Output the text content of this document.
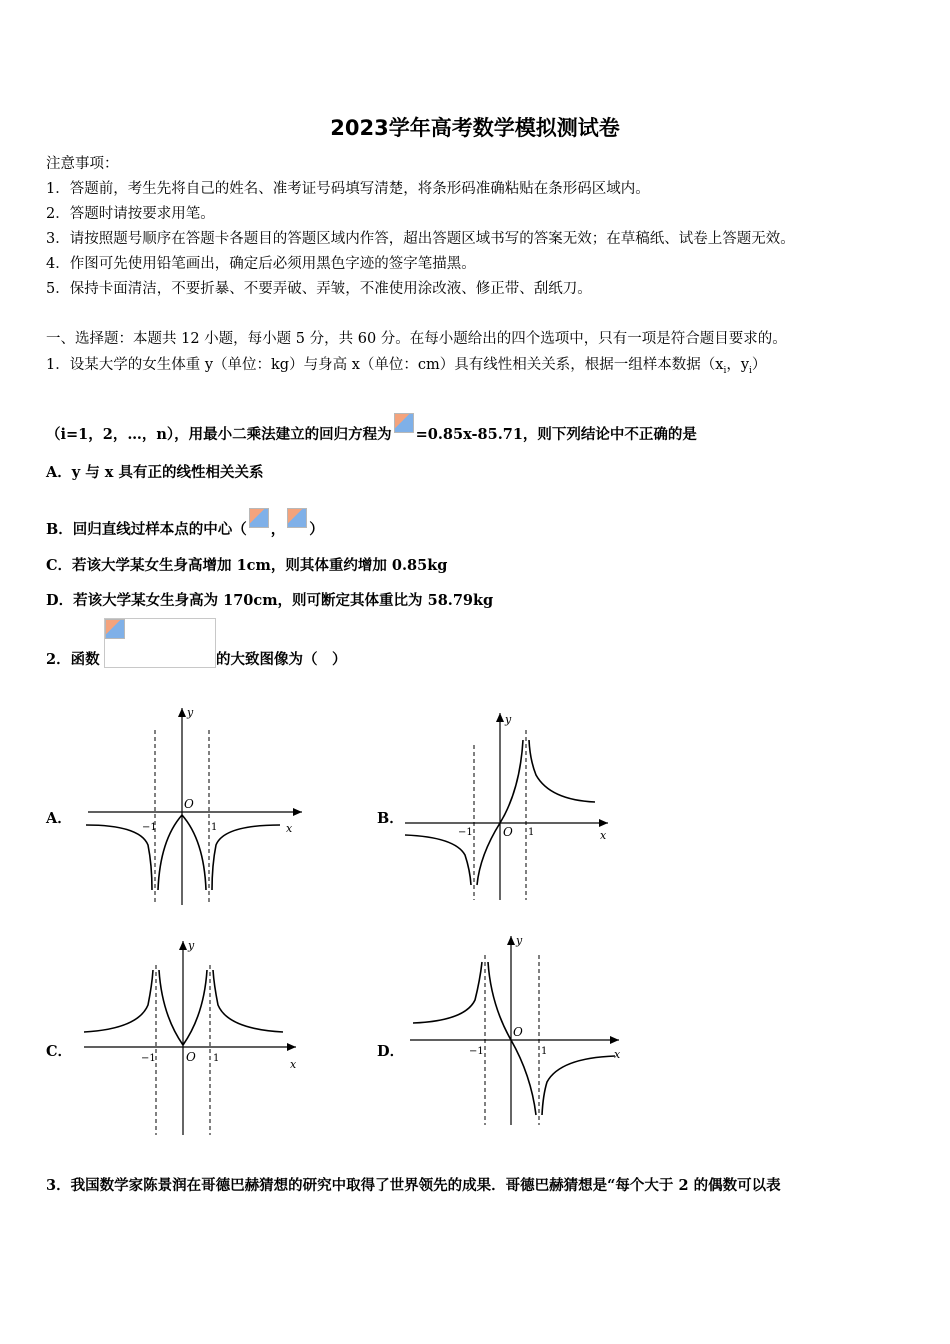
2023学年高考数学模拟测试卷
注意事项：
1．答题前，考生先将自己的姓名、准考证号码填写清楚，将条形码准确粘贴在条形码区域内。
2．答题时请按要求用笔。
3．请按照题号顺序在答题卡各题目的答题区域内作答，超出答题区域书写的答案无效；在草稿纸、试卷上答题无效。
4．作图可先使用铅笔画出，确定后必须用黑色字迹的签字笔描黑。
5．保持卡面清洁，不要折暴、不要弄破、弄皱，不准使用涂改液、修正带、刮纸刀。
一、选择题：本题共 12 小题，每小题 5 分，共 60 分。在每小题给出的四个选项中，只有一项是符合题目要求的。
1．设某大学的女生体重 y（单位：kg）与身高 x（单位：cm）具有线性相关关系，根据一组样本数据（$x_i$，$y_i$）
（i=1，2，…，n），用最小二乘法建立的回归方程为 =0.85x-85.71，则下列结论中不正确的是
A．y 与 x 具有正的线性相关关系
B．回归直线过样本点的中心（ ， ）
C．若该大学某女生身高增加 1cm，则其体重约增加 0.85kg
D．若该大学某女生身高为 170cm，则可断定其体重比为 58.79kg
2．函数	的大致图像为（　）
A．	B．
C．	D．
y
x
O
−1	1
y
x
O
−1	1
y
x
O
−1	1
y
x
O
−1	1
3．我国数学家陈景润在哥德巴赫猜想的研究中取得了世界领先的成果．哥德巴赫猜想是“每个大于 2 的偶数可以表
